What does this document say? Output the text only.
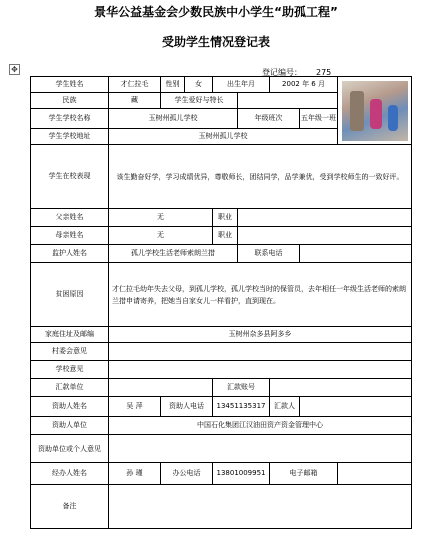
景华公益基金会少数民族中小学生“助孤工程”
受助学生情况登记表
✥	登记编号： 275
学生姓名	才仁拉毛	性别	女	出生年月		2002 年 6 月		

民族	藏	学生爱好与特长						
学生学校名称	玉树州孤儿学校				年级班次		五年级一班	
学生学校地址	玉树州孤儿学校							
学生在校表现	该生勤奋好学，学习成绩优异，尊敬师长，团结同学，品学兼优，受到学校师生的一致好评。							
父亲姓名	无			职业				
母亲姓名	无			职业				
监护人姓名	孤儿学校生活老师索朗兰措				联系电话			
贫困原因	才仁拉毛幼年失去父母，到孤儿学校，孤儿学校当时的保管员，去年相任一年级生活老师的索朗兰措申请寄养，把她当自家女儿一样看护，直到现在。							
家庭住址及邮编	玉树州杂多县阿多乡							
村委会意见								
学校意见								
汇款单位				汇款账号				
资助人姓名	吴 萍	资助人电话		13451135317		汇款人		
资助人单位	中国石化集团江汉油田资产资金管理中心							
资助单位或个人意见								
经办人姓名	孙 瑾	办公电话		13801009951		电子邮箱		
备注								
